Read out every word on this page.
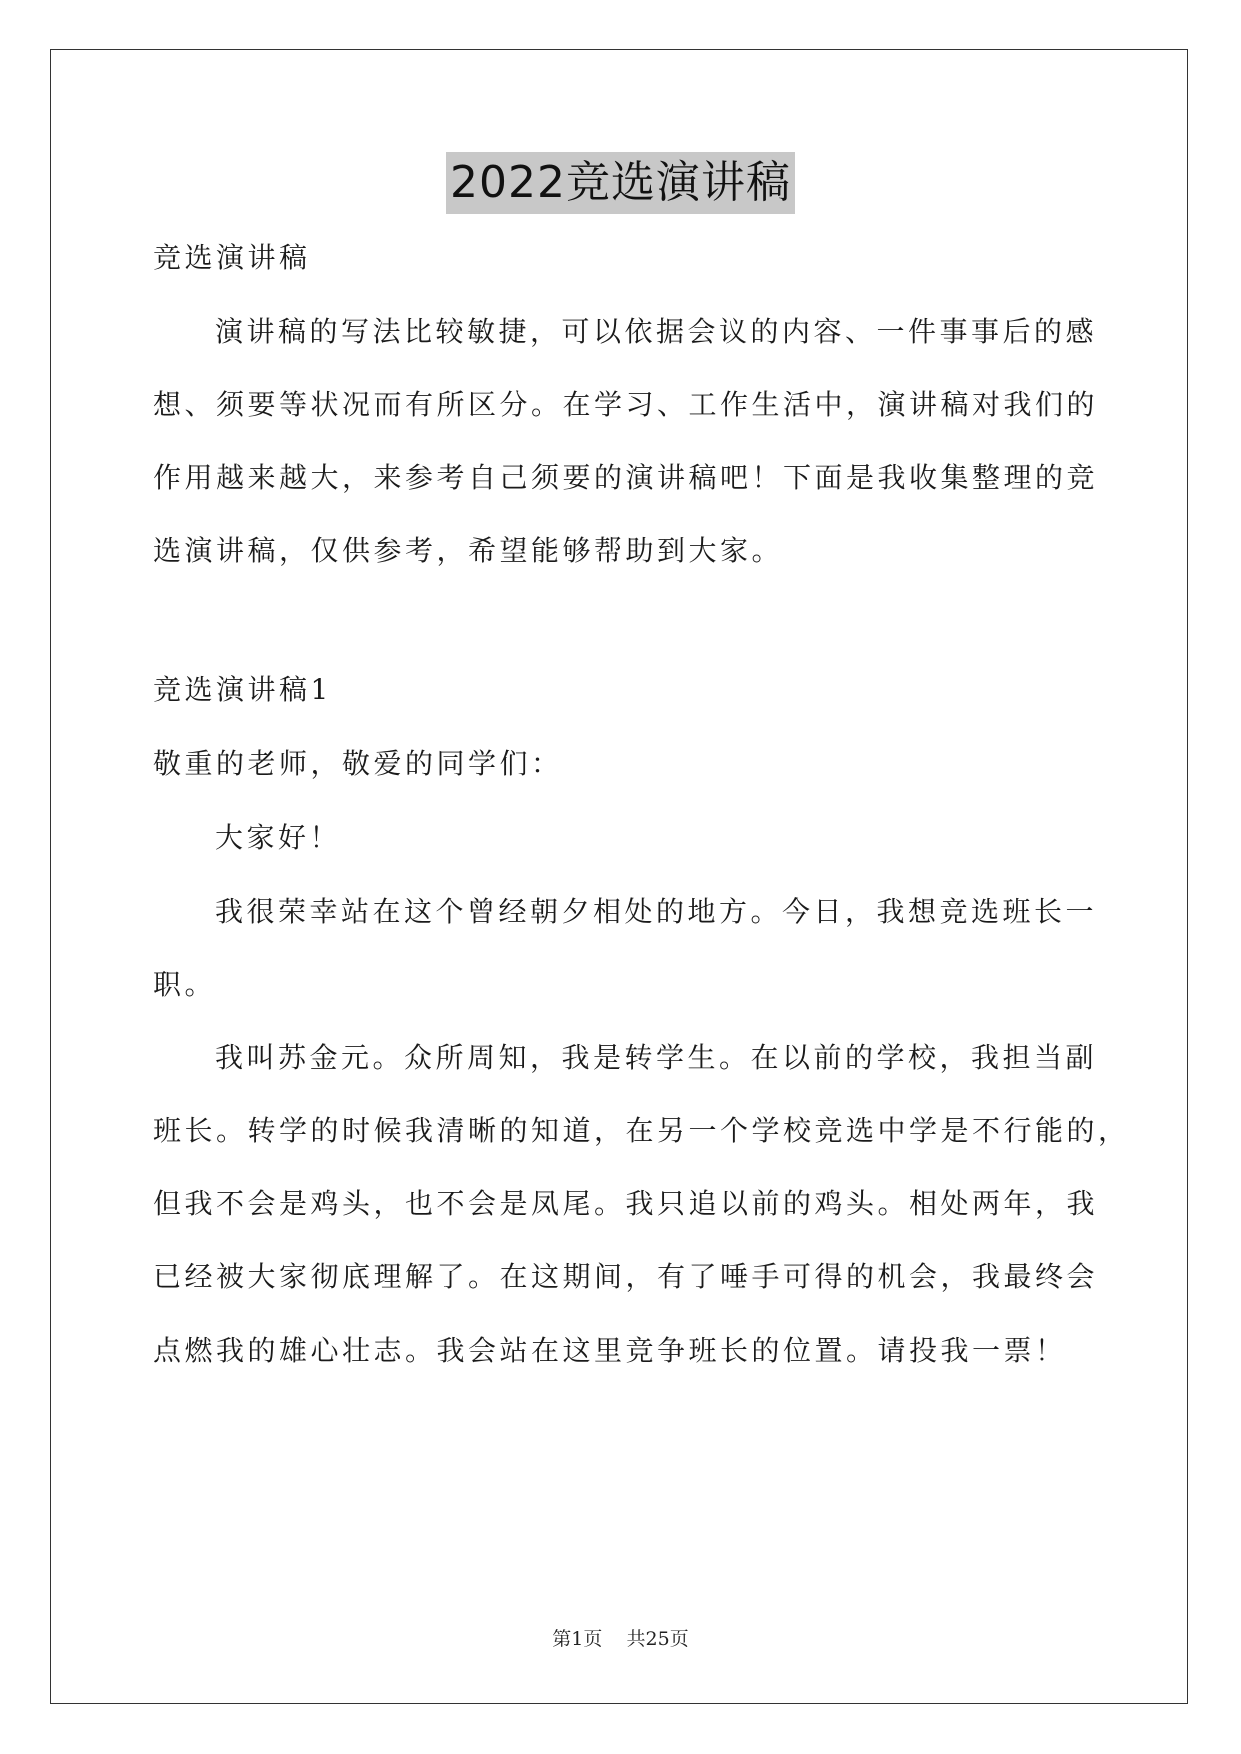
2022竞选演讲稿
竞选演讲稿
演讲稿的写法比较敏捷，可以依据会议的内容、一件事事后的感
想、须要等状况而有所区分。在学习、工作生活中，演讲稿对我们的
作用越来越大，来参考自己须要的演讲稿吧！下面是我收集整理的竞
选演讲稿，仅供参考，希望能够帮助到大家。
竞选演讲稿1
敬重的老师，敬爱的同学们：
大家好！
我很荣幸站在这个曾经朝夕相处的地方。今日，我想竞选班长一
职。
我叫苏金元。众所周知，我是转学生。在以前的学校，我担当副
班长。转学的时候我清晰的知道，在另一个学校竞选中学是不行能的，
但我不会是鸡头，也不会是凤尾。我只追以前的鸡头。相处两年，我
已经被大家彻底理解了。在这期间，有了唾手可得的机会，我最终会
点燃我的雄心壮志。我会站在这里竞争班长的位置。请投我一票！
第1页 共25页
